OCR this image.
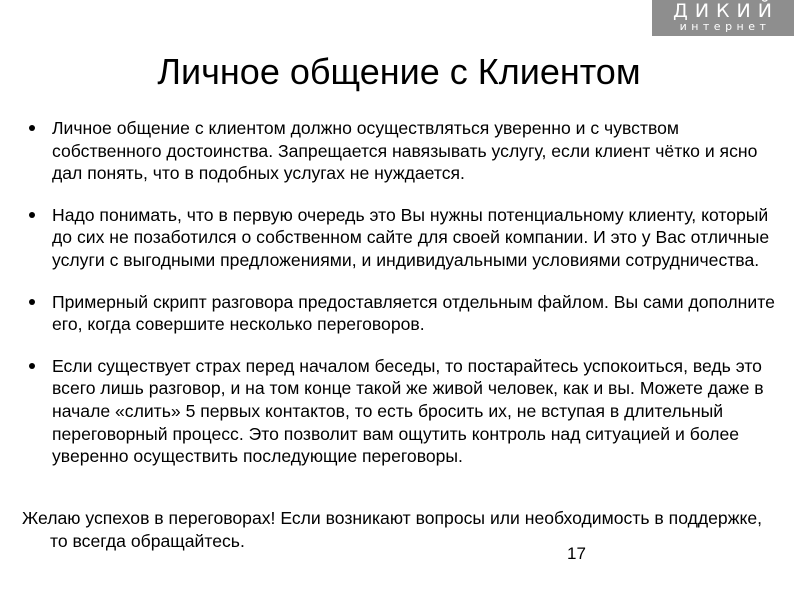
ДИКИЙ
интернет
Личное общение с Клиентом
Личное общение с клиентом должно осуществляться уверенно и с чувством собственного достоинства. Запрещается навязывать услугу, если клиент чётко и ясно дал понять, что в подобных услугах не нуждается.
Надо понимать, что в первую очередь это Вы нужны потенциальному клиенту, который до сих не позаботился о собственном сайте для своей компании. И это у Вас отличные услуги с выгодными предложениями, и индивидуальными условиями сотрудничества.
Примерный скрипт разговора предоставляется отдельным файлом. Вы сами дополните его, когда совершите несколько переговоров.
Если существует страх перед началом беседы, то постарайтесь успокоиться, ведь это всего лишь разговор, и на том конце такой же живой человек, как и вы. Можете даже в начале «слить» 5 первых контактов, то есть бросить их, не вступая в длительный переговорный процесс. Это позволит вам ощутить контроль над ситуацией и более уверенно осуществить последующие переговоры.
Желаю успехов в переговорах! Если возникают вопросы или необходимость в поддержке, то всегда обращайтесь.
17
